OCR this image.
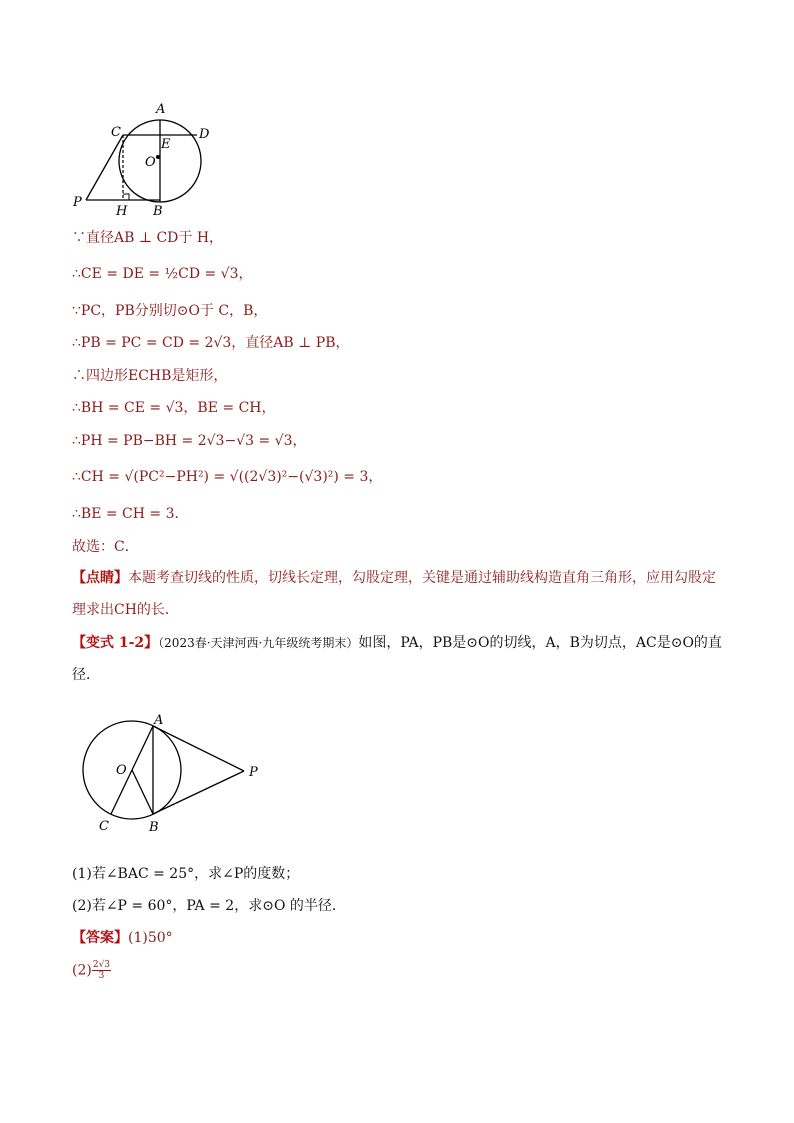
A
C	D
E
O
P
H B
∵直径AB ⊥ CD于 H，
∴CE = DE = ½CD = √3，
∵PC，PB分别切⊙O于 C，B，
∴PB = PC = CD = 2√3，直径AB ⊥ PB，
∴四边形ECHB是矩形，
∴BH = CE = √3，BE = CH，
∴PH = PB−BH = 2√3−√3 = √3，
∴CH = √(PC²−PH²) = √((2√3)²−(√3)²) = 3，
∴BE = CH = 3．
故选：C．
【点睛】本题考查切线的性质，切线长定理，勾股定理，关键是通过辅助线构造直角三角形，应用勾股定理求出CH的长．
【变式 1-2】（2023春·天津河西·九年级统考期末）如图，PA，PB是⊙O的切线，A，B为切点，AC是⊙O的直径．
A
O	P
C	B
(1)若∠BAC = 25°，求∠P的度数；
(2)若∠P = 60°，PA = 2，求⊙O 的半径．
【答案】(1)50°
$(2) \frac{2√3}{3}$
